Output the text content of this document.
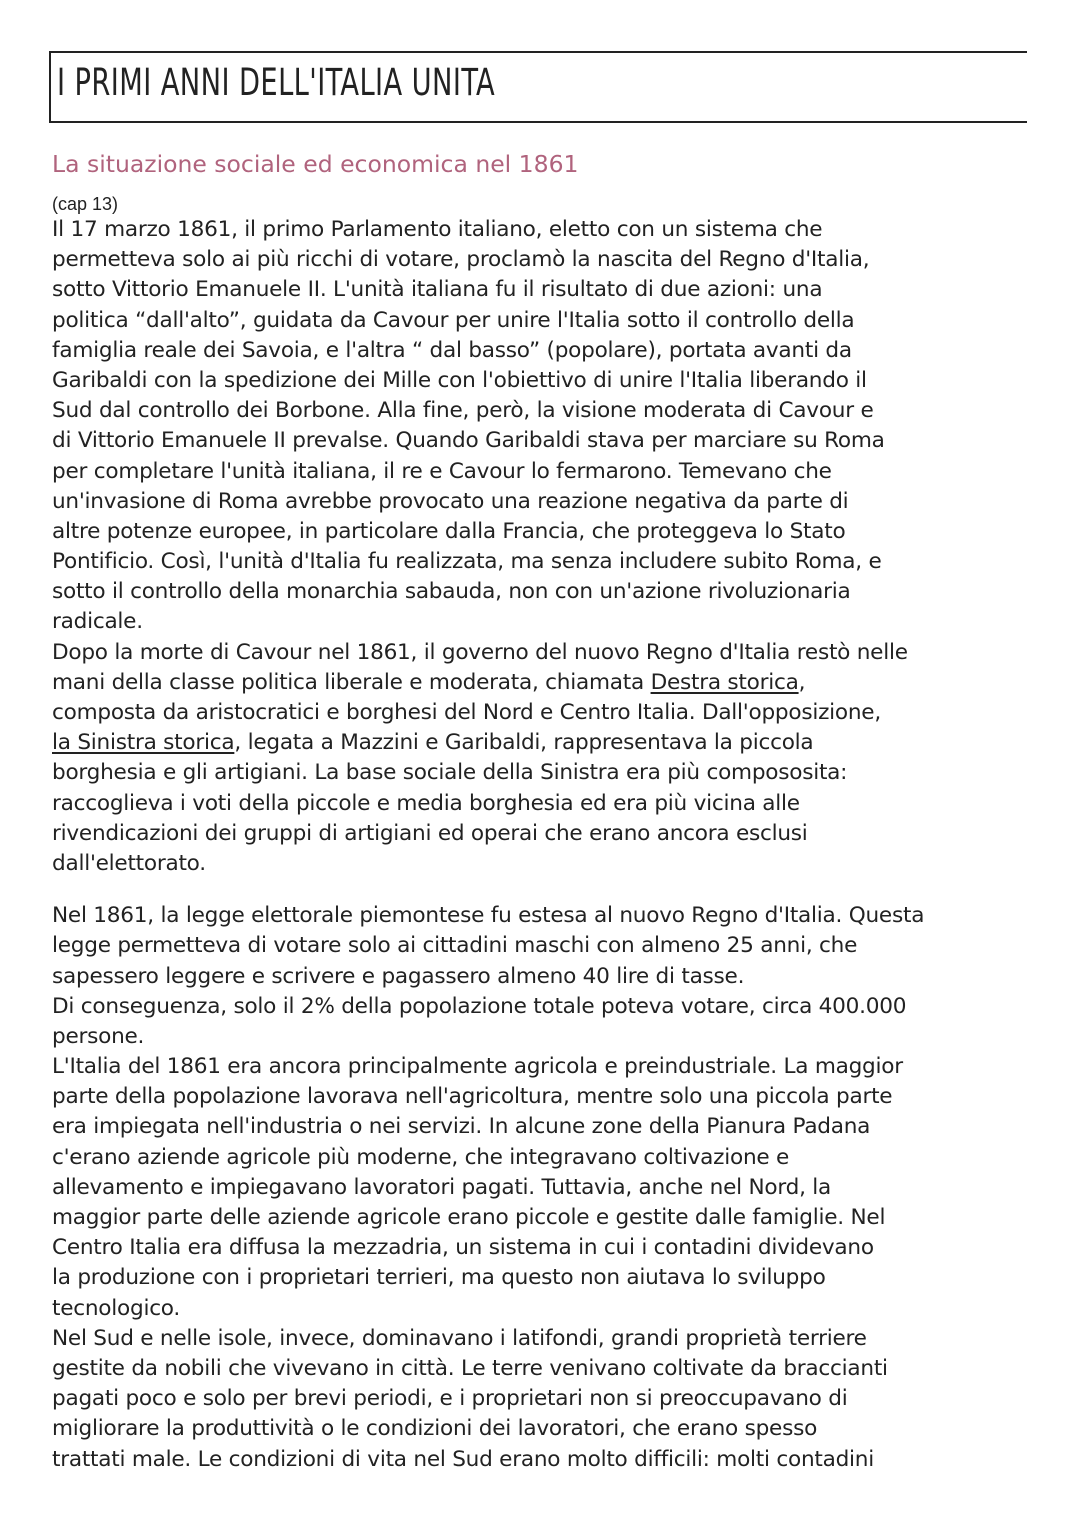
I PRIMI ANNI DELL'ITALIA UNITA
La situazione sociale ed economica nel 1861
(cap 13)
Il 17 marzo 1861, il primo Parlamento italiano, eletto con un sistema che
permetteva solo ai più ricchi di votare, proclamò la nascita del Regno d'Italia,
sotto Vittorio Emanuele II. L'unità italiana fu il risultato di due azioni: una
politica “dall'alto”, guidata da Cavour per unire l'Italia sotto il controllo della
famiglia reale dei Savoia, e l'altra “ dal basso” (popolare), portata avanti da
Garibaldi con la spedizione dei Mille con l'obiettivo di unire l'Italia liberando il
Sud dal controllo dei Borbone. Alla fine, però, la visione moderata di Cavour e
di Vittorio Emanuele II prevalse. Quando Garibaldi stava per marciare su Roma
per completare l'unità italiana, il re e Cavour lo fermarono. Temevano che
un'invasione di Roma avrebbe provocato una reazione negativa da parte di
altre potenze europee, in particolare dalla Francia, che proteggeva lo Stato
Pontificio. Così, l'unità d'Italia fu realizzata, ma senza includere subito Roma, e
sotto il controllo della monarchia sabauda, non con un'azione rivoluzionaria
radicale.
Dopo la morte di Cavour nel 1861, il governo del nuovo Regno d'Italia restò nelle
mani della classe politica liberale e moderata, chiamata Destra storica,
composta da aristocratici e borghesi del Nord e Centro Italia. Dall'opposizione,
la Sinistra storica, legata a Mazzini e Garibaldi, rappresentava la piccola
borghesia e gli artigiani. La base sociale della Sinistra era più compososita:
raccoglieva i voti della piccole e media borghesia ed era più vicina alle
rivendicazioni dei gruppi di artigiani ed operai che erano ancora esclusi
dall'elettorato.
Nel 1861, la legge elettorale piemontese fu estesa al nuovo Regno d'Italia. Questa
legge permetteva di votare solo ai cittadini maschi con almeno 25 anni, che
sapessero leggere e scrivere e pagassero almeno 40 lire di tasse.
Di conseguenza, solo il 2% della popolazione totale poteva votare, circa 400.000
persone.
L'Italia del 1861 era ancora principalmente agricola e preindustriale. La maggior
parte della popolazione lavorava nell'agricoltura, mentre solo una piccola parte
era impiegata nell'industria o nei servizi. In alcune zone della Pianura Padana
c'erano aziende agricole più moderne, che integravano coltivazione e
allevamento e impiegavano lavoratori pagati. Tuttavia, anche nel Nord, la
maggior parte delle aziende agricole erano piccole e gestite dalle famiglie. Nel
Centro Italia era diffusa la mezzadria, un sistema in cui i contadini dividevano
la produzione con i proprietari terrieri, ma questo non aiutava lo sviluppo
tecnologico.
Nel Sud e nelle isole, invece, dominavano i latifondi, grandi proprietà terriere
gestite da nobili che vivevano in città. Le terre venivano coltivate da braccianti
pagati poco e solo per brevi periodi, e i proprietari non si preoccupavano di
migliorare la produttività o le condizioni dei lavoratori, che erano spesso
trattati male. Le condizioni di vita nel Sud erano molto difficili: molti contadini
